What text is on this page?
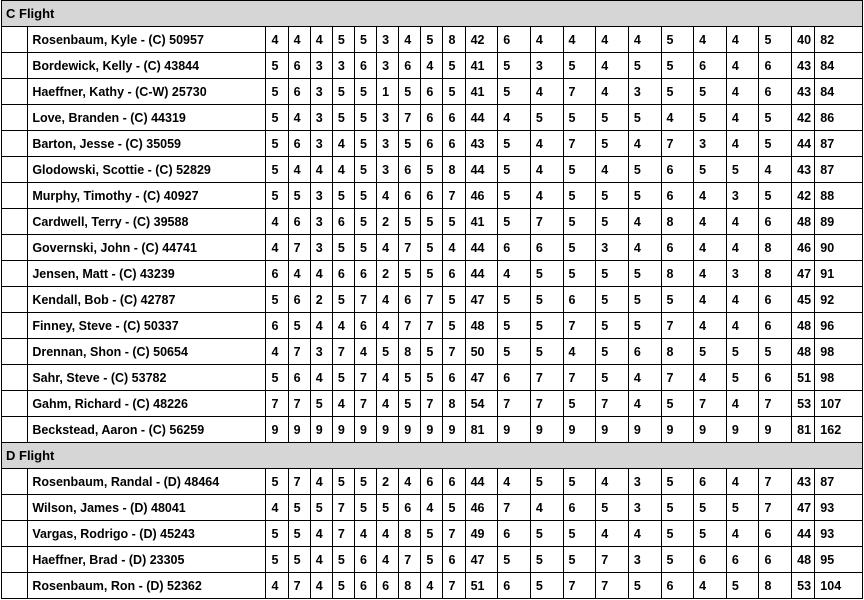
C Flight																						
	Rosenbaum, Kyle - (C) 50957	4	4	4	5	5	3	4	5	8	42	6	4	4	4	4	5	4	4	5	40	82
	Bordewick, Kelly - (C) 43844	5	6	3	3	6	3	6	4	5	41	5	3	5	4	5	5	6	4	6	43	84
	Haeffner, Kathy - (C-W) 25730	5	6	3	5	5	1	5	6	5	41	5	4	7	4	3	5	5	4	6	43	84
	Love, Branden - (C) 44319	5	4	3	5	5	3	7	6	6	44	4	5	5	5	5	4	5	4	5	42	86
	Barton, Jesse - (C) 35059	5	6	3	4	5	3	5	6	6	43	5	4	7	5	4	7	3	4	5	44	87
	Glodowski, Scottie - (C) 52829	5	4	4	4	5	3	6	5	8	44	5	4	5	4	5	6	5	5	4	43	87
	Murphy, Timothy - (C) 40927	5	5	3	5	5	4	6	6	7	46	5	4	5	5	5	6	4	3	5	42	88
	Cardwell, Terry - (C) 39588	4	6	3	6	5	2	5	5	5	41	5	7	5	5	4	8	4	4	6	48	89
	Governski, John - (C) 44741	4	7	3	5	5	4	7	5	4	44	6	6	5	3	4	6	4	4	8	46	90
	Jensen, Matt - (C) 43239	6	4	4	6	6	2	5	5	6	44	4	5	5	5	5	8	4	3	8	47	91
	Kendall, Bob - (C) 42787	5	6	2	5	7	4	6	7	5	47	5	5	6	5	5	5	4	4	6	45	92
	Finney, Steve - (C) 50337	6	5	4	4	6	4	7	7	5	48	5	5	7	5	5	7	4	4	6	48	96
	Drennan, Shon - (C) 50654	4	7	3	7	4	5	8	5	7	50	5	5	4	5	6	8	5	5	5	48	98
	Sahr, Steve - (C) 53782	5	6	4	5	7	4	5	5	6	47	6	7	7	5	4	7	4	5	6	51	98
	Gahm, Richard - (C) 48226	7	7	5	4	7	4	5	7	8	54	7	7	5	7	4	5	7	4	7	53	107
	Beckstead, Aaron - (C) 56259	9	9	9	9	9	9	9	9	9	81	9	9	9	9	9	9	9	9	9	81	162
D Flight																						
	Rosenbaum, Randal - (D) 48464	5	7	4	5	5	2	4	6	6	44	4	5	5	4	3	5	6	4	7	43	87
	Wilson, James - (D) 48041	4	5	5	7	5	5	6	4	5	46	7	4	6	5	3	5	5	5	7	47	93
	Vargas, Rodrigo - (D) 45243	5	5	4	7	4	4	8	5	7	49	6	5	5	4	4	5	5	4	6	44	93
	Haeffner, Brad - (D) 23305	5	5	4	5	6	4	7	5	6	47	5	5	5	7	3	5	6	6	6	48	95
	Rosenbaum, Ron - (D) 52362	4	7	4	5	6	6	8	4	7	51	6	5	7	7	5	6	4	5	8	53	104
